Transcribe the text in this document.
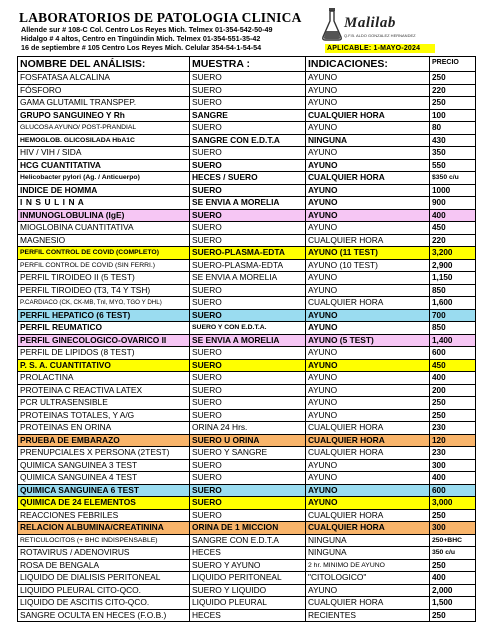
LABORATORIOS DE PATOLOGIA CLINICA
Allende sur # 108-C Col. Centro Los Reyes Mich. Telmex 01-354-542-50-49
Hidalgo # 4 altos, Centro en Tingüindin Mich. Telmex 01-354-551-35-42
16 de septiembre # 105 Centro Los Reyes Mich. Celular 354-54-1-54-54	APLICABLE: 1-MAYO-2024
Malilab
Q.F.B. ALDO GONZALEZ HERNANDEZ
NOMBRE DEL ANÁLISIS:	MUESTRA :	INDICACIONES:	PRECIO
FOSFATASA ALCALINA	SUERO	AYUNO	250
FÓSFORO	SUERO	AYUNO	220
GAMA GLUTAMIL TRANSPEP.	SUERO	AYUNO	250
GRUPO SANGUINEO Y Rh	SANGRE	CUALQUIER HORA	100
GLUCOSA AYUNO/ POST-PRANDIAL	SUERO	AYUNO	80
HEMOGLOB. GLICOSILADA HbA1C	SANGRE CON E.D.T.A	NINGUNA	430
HIV / VIH / SIDA	SUERO	AYUNO	350
HCG CUANTITATIVA	SUERO	AYUNO	550
Helicobacter pylori (Ag. / Anticuerpo)	HECES / SUERO	CUALQUIER HORA	$350 c/u
INDICE DE HOMMA	SUERO	AYUNO	1000
I N S U L I N A	SE ENVIA A MORELIA	AYUNO	900
INMUNOGLOBULINA (IgE)	SUERO	AYUNO	400
MIOGLOBINA CUANTITATIVA	SUERO	AYUNO	450
MAGNESIO	SUERO	CUALQUIER HORA	220
PERFIL CONTROL DE COVID (COMPLETO)	SUERO-PLASMA-EDTA	AYUNO (11 TEST)	3,200
PERFIL CONTROL DE COVID (SIN FERRI.)	SUERO-PLASMA-EDTA	AYUNO (10 TEST)	2,900
PERFIL TIROIDEO II (5 TEST)	SE ENVIA A MORELIA	AYUNO	1,150
PERFIL TIROIDEO (T3, T4 Y TSH)	SUERO	AYUNO	850
P.CARDIACO (CK, CK-MB, TnI, MYO, TGO Y DHL)	SUERO	CUALQUIER HORA	1,600
PERFIL HEPATICO (6 TEST)	SUERO	AYUNO	700
PERFIL REUMATICO	SUERO Y CON E.D.T.A.	AYUNO	850
PERFIL GINECOLOGICO-OVARICO II	SE ENVIA A MORELIA	AYUNO (5 TEST)	1,400
PERFIL DE LIPIDOS (8 TEST)	SUERO	AYUNO	600
P. S. A. CUANTITATIVO	SUERO	AYUNO	450
PROLACTINA	SUERO	AYUNO	400
PROTEINA C REACTIVA LATEX	SUERO	AYUNO	200
PCR ULTRASENSIBLE	SUERO	AYUNO	250
PROTEINAS TOTALES, Y A/G	SUERO	AYUNO	250
PROTEINAS EN ORINA	ORINA 24 Hrs.	CUALQUIER HORA	230
PRUEBA DE EMBARAZO	SUERO U ORINA	CUALQUIER HORA	120
PRENUPCIALES X PERSONA (2TEST)	SUERO Y SANGRE	CUALQUIER HORA	230
QUIMICA SANGUINEA 3 TEST	SUERO	AYUNO	300
QUIMICA SANGUINEA 4 TEST	SUERO	AYUNO	400
QUIMICA SANGUINEA 6 TEST	SUERO	AYUNO	600
QUIMICA DE 24 ELEMENTOS	SUERO	AYUNO	3,000
REACCIONES FEBRILES	SUERO	CUALQUIER HORA	250
RELACION ALBUMINA/CREATININA	ORINA DE 1 MICCION	CUALQUIER HORA	300
RETICULOCITOS (+ BHC INDISPENSABLE)	SANGRE CON E.D.T.A	NINGUNA	250+BHC
ROTAVIRUS / ADENOVIRUS	HECES	NINGUNA	350 c/u
ROSA DE BENGALA	SUERO Y AYUNO	2 hr. MINIMO DE AYUNO	250
LIQUIDO DE DIALISIS PERITONEAL	LIQUIDO PERITONEAL	"CITOLOGICO"	400
LIQUIDO PLEURAL CITO-QCO.	SUERO Y LIQUIDO	AYUNO	2,000
LIQUIDO DE ASCITIS CITO-QCO.	LIQUIDO PLEURAL	CUALQUIER HORA	1,500
SANGRE OCULTA EN HECES (F.O.B.)	HECES	RECIENTES	250
